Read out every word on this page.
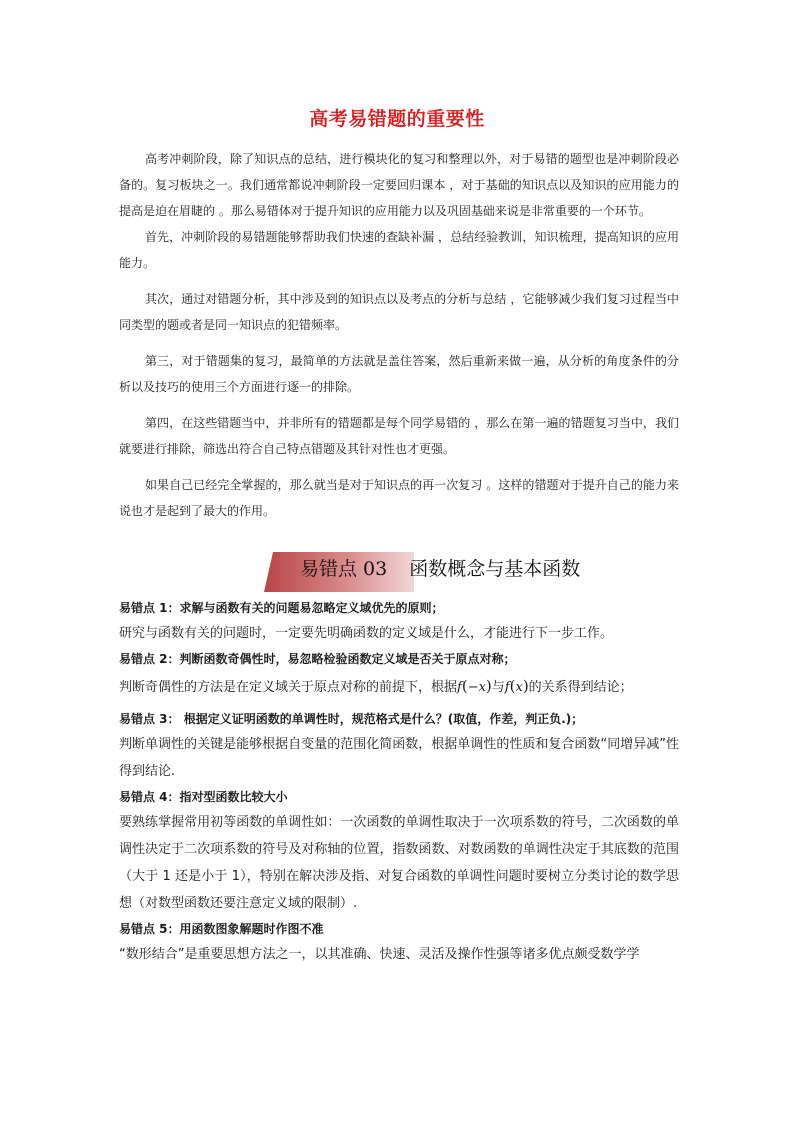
高考易错题的重要性

高考冲刺阶段，除了知识点的总结，进行模块化的复习和整理以外，对于易错的题型也是冲刺阶段必备的。复习板块之一。我们通常都说冲刺阶段一定要回归课本 ，对于基础的知识点以及知识的应用能力的提高是迫在眉睫的 。那么易错体对于提升知识的应用能力以及巩固基础来说是非常重要的一个环节。

首先，冲刺阶段的易错题能够帮助我们快速的查缺补漏 ，总结经验教训，知识梳理，提高知识的应用能力。

其次，通过对错题分析，其中涉及到的知识点以及考点的分析与总结 ，它能够减少我们复习过程当中同类型的题或者是同一知识点的犯错频率。

第三，对于错题集的复习，最简单的方法就是盖住答案，然后重新来做一遍，从分析的角度条件的分析以及技巧的使用三个方面进行逐一的排除。

第四，在这些错题当中，并非所有的错题都是每个同学易错的 ，那么在第一遍的错题复习当中，我们就要进行排除，筛选出符合自己特点错题及其针对性也才更强。

如果自己已经完全掌握的，那么就当是对于知识点的再一次复习 。这样的错题对于提升自己的能力来说也才是起到了最大的作用。

易错点 03 函数概念与基本函数

易错点 1：求解与函数有关的问题易忽略定义域优先的原则；

研究与函数有关的问题时，一定要先明确函数的定义域是什么，才能进行下一步工作。

易错点 2：判断函数奇偶性时，易忽略检验函数定义域是否关于原点对称；

判断奇偶性的方法是在定义域关于原点对称的前提下，根据f(−x)与f(x)的关系得到结论；

易错点 3： 根据定义证明函数的单调性时，规范格式是什么？(取值，作差，判正负.)；

判断单调性的关键是能够根据自变量的范围化简函数，根据单调性的性质和复合函数“同增异减”性得到结论.

易错点 4：指对型函数比较大小

要熟练掌握常用初等函数的单调性如：一次函数的单调性取决于一次项系数的符号，二次函数的单调性决定于二次项系数的符号及对称轴的位置，指数函数、对数函数的单调性决定于其底数的范围（大于 1 还是小于 1），特别在解决涉及指、对复合函数的单调性问题时要树立分类讨论的数学思想（对数型函数还要注意定义域的限制）.

易错点 5：用函数图象解题时作图不准

“数形结合”是重要思想方法之一，以其准确、快速、灵活及操作性强等诸多优点颇受数学学
